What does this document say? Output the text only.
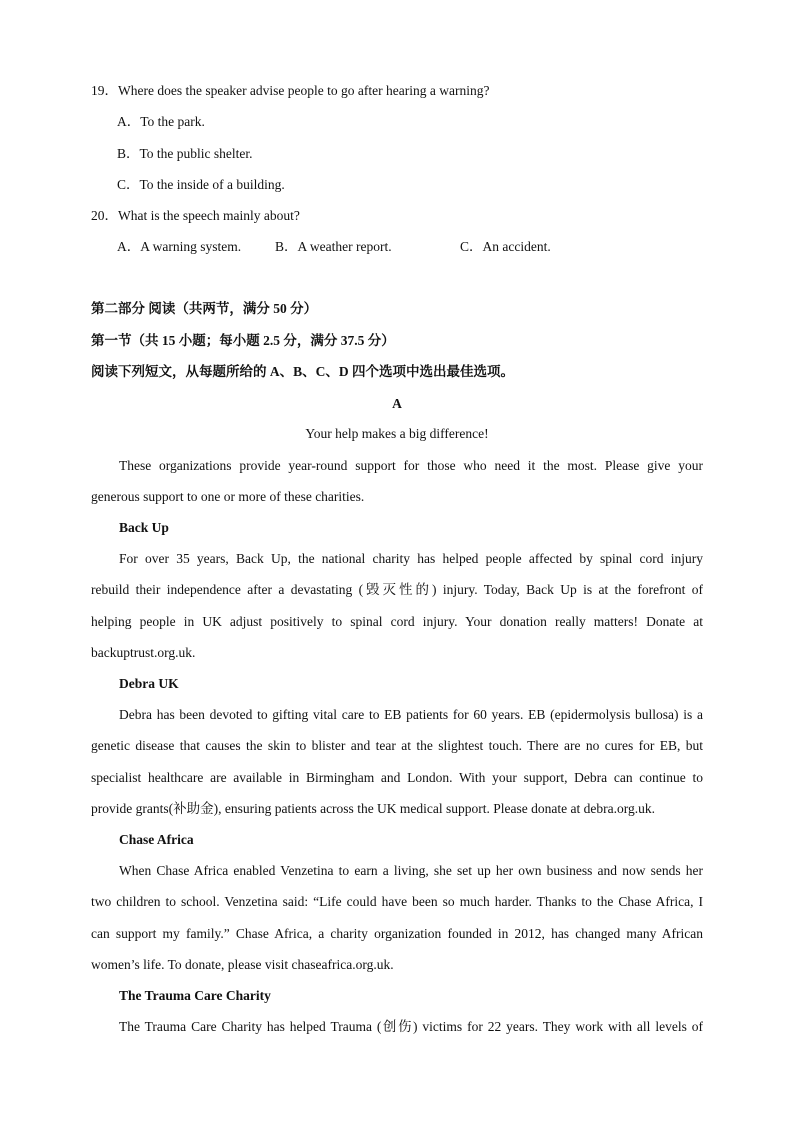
19．Where does the speaker advise people to go after hearing a warning?
A．To the park.
B．To the public shelter.
C．To the inside of a building.
20．What is the speech mainly about?
A．A warning system.	B．A weather report.	C．An accident.
第二部分 阅读（共两节，满分 50 分）
第一节（共 15 小题；每小题 2.5 分，满分 37.5 分）
阅读下列短文，从每题所给的 A、B、C、D 四个选项中选出最佳选项。
A
Your help makes a big difference!
These organizations provide year-round support for those who need it the most. Please give your
generous support to one or more of these charities.
Back Up
For over 35 years, Back Up, the national charity has helped people affected by spinal cord injury
rebuild their independence after a devastating (毁灭性的) injury. Today, Back Up is at the forefront of
helping people in UK adjust positively to spinal cord injury. Your donation really matters! Donate at
backuptrust.org.uk.
Debra UK
Debra has been devoted to gifting vital care to EB patients for 60 years. EB (epidermolysis bullosa) is a
genetic disease that causes the skin to blister and tear at the slightest touch. There are no cures for EB, but
specialist healthcare are available in Birmingham and London. With your support, Debra can continue to
provide grants(补助金), ensuring patients across the UK medical support. Please donate at debra.org.uk.
Chase Africa
When Chase Africa enabled Venzetina to earn a living, she set up her own business and now sends her
two children to school. Venzetina said: “Life could have been so much harder. Thanks to the Chase Africa, I
can support my family.” Chase Africa, a charity organization founded in 2012, has changed many African
women’s life. To donate, please visit chaseafrica.org.uk.
The Trauma Care Charity
The Trauma Care Charity has helped Trauma (创伤) victims for 22 years. They work with all levels of
